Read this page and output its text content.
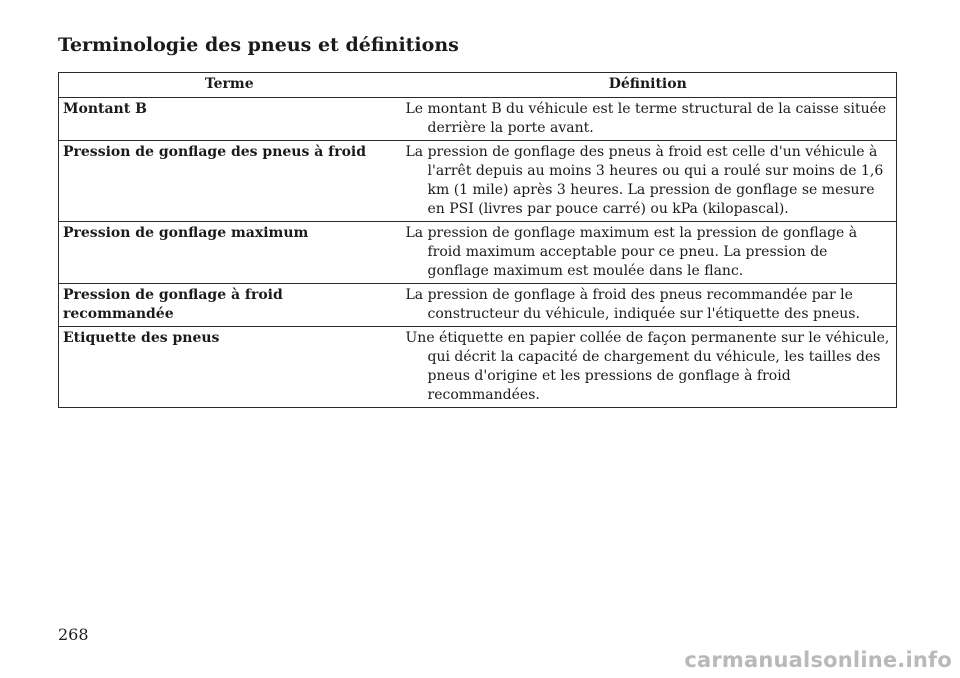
Terminologie des pneus et définitions
Terme	Définition
Montant B	Le montant B du véhicule est le terme structural de la caisse située derrière la porte avant.

Pression de gonflage des pneus à froid	La pression de gonflage des pneus à froid est celle d'un véhicule à l'arrêt depuis au moins 3 heures ou qui a roulé sur moins de 1,6 km (1 mile) après 3 heures. La pression de gonflage se mesure en PSI (livres par pouce carré) ou kPa (kilopascal).

Pression de gonflage maximum	La pression de gonflage maximum est la pression de gonflage à froid maximum acceptable pour ce pneu. La pression de gonflage maximum est moulée dans le flanc.

Pression de gonflage à froid recommandée	La pression de gonflage à froid des pneus recommandée par le constructeur du véhicule, indiquée sur l'étiquette des pneus.

Etiquette des pneus	Une étiquette en papier collée de façon permanente sur le véhicule, qui décrit la capacité de chargement du véhicule, les tailles des pneus d'origine et les pressions de gonflage à froid recommandées.
268
carmanualsonline.info
